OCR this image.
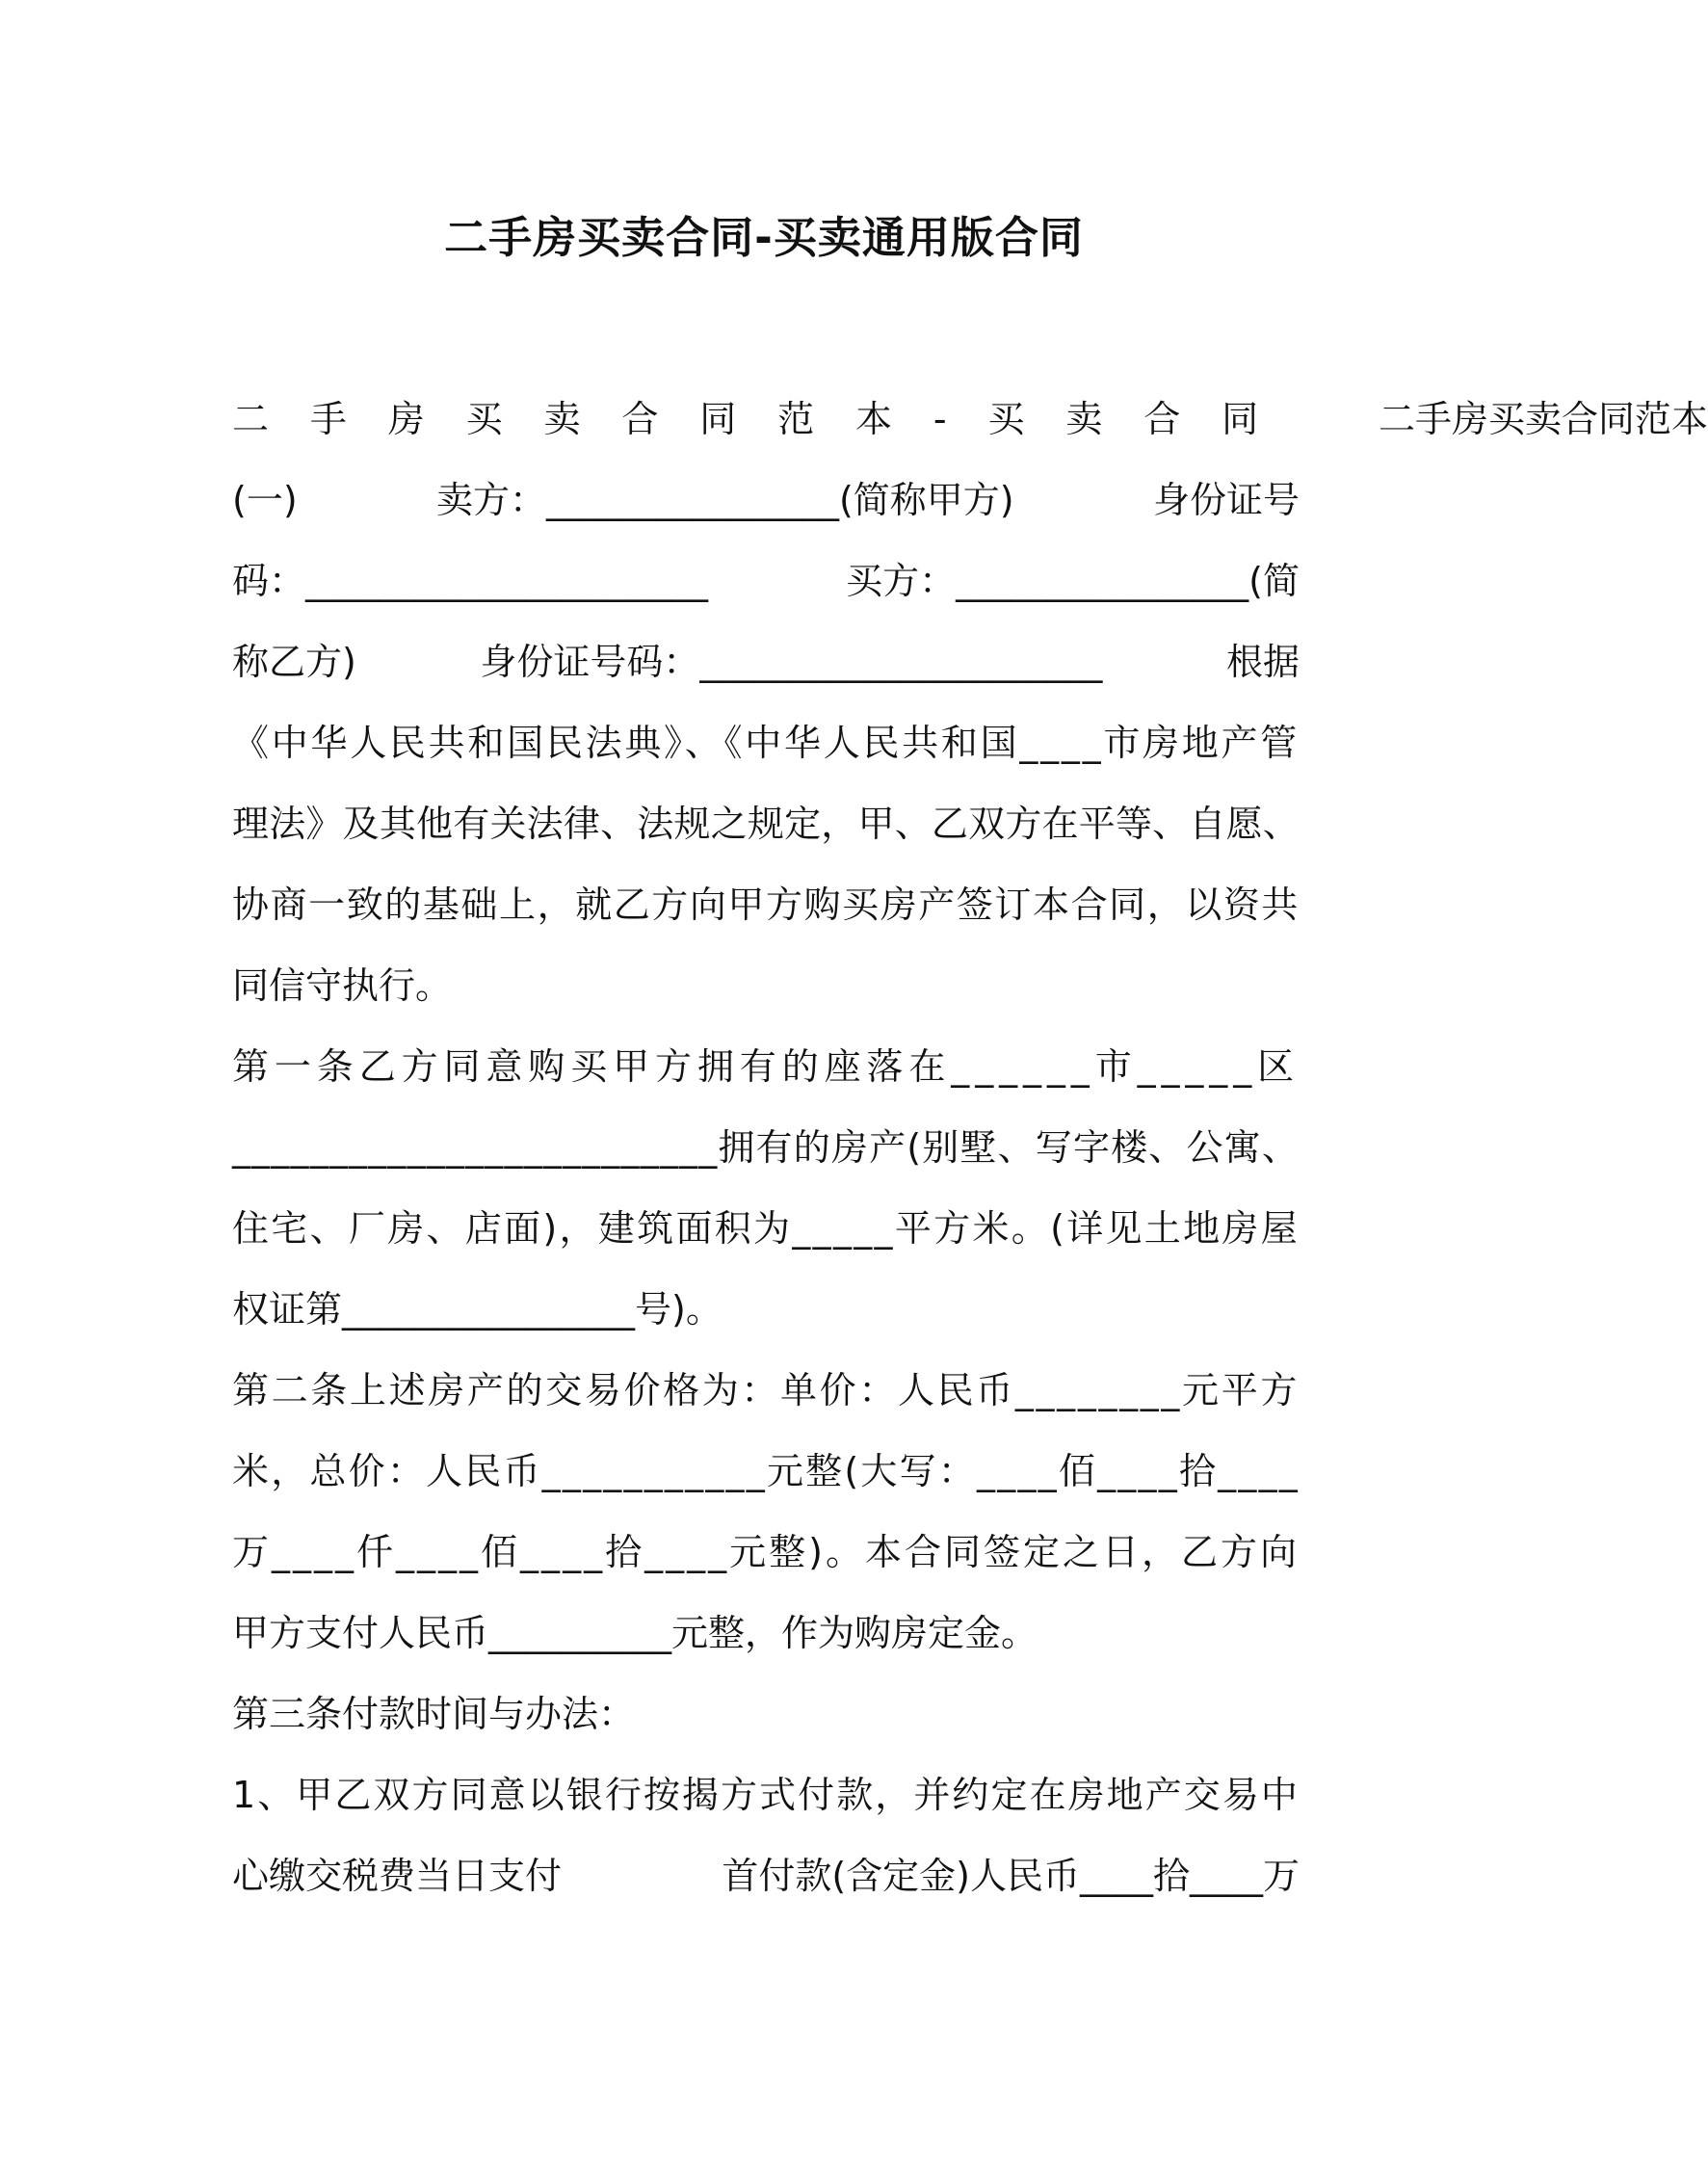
二手房买卖合同-买卖通用版合同
二手房买卖合同范本-买卖合同 二手房买卖合同范本
(一)	卖方：________________(简称甲方)	身份证号
码：______________________	买方：________________(简
称乙方)	身份证号码：______________________	根据
《中华人民共和国民法典》、《中华人民共和国____市房地产管
理法》及其他有关法律、法规之规定，甲、乙双方在平等、自愿、
协商一致的基础上，就乙方向甲方购买房产签订本合同，以资共
同信守执行。
第一条乙方同意购买甲方拥有的座落在______市_____区
_________________________拥有的房产(别墅、写字楼、公寓、
住宅、厂房、店面)，建筑面积为_____平方米。(详见土地房屋
权证第________________号)。
第二条上述房产的交易价格为：单价：人民币________元平方
米，总价：人民币___________元整(大写：____佰____拾____
万____仟____佰____拾____元整)。本合同签定之日，乙方向
甲方支付人民币__________元整，作为购房定金。
第三条付款时间与办法：
1、甲乙双方同意以银行按揭方式付款，并约定在房地产交易中
心缴交税费当日支付	首付款(含定金)人民币____拾____万
